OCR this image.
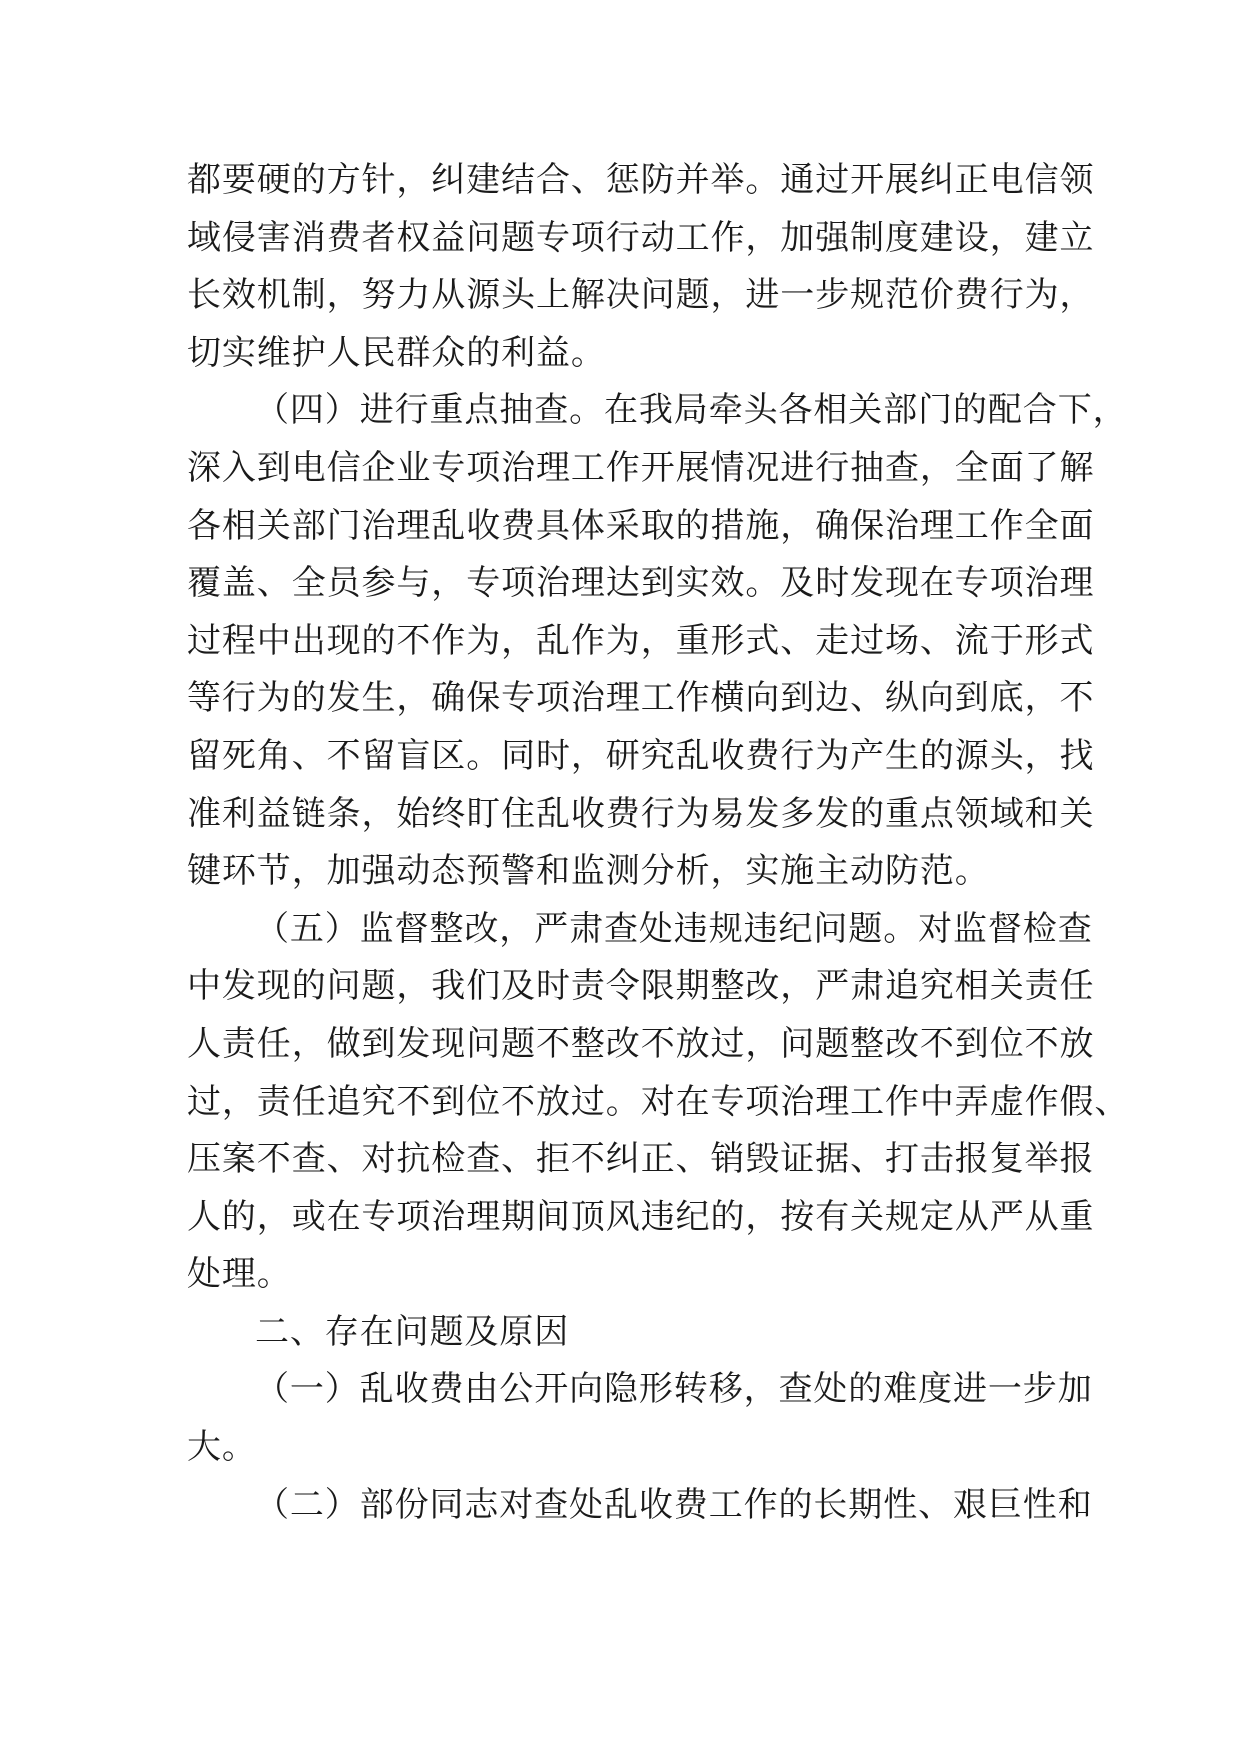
都要硬的方针，纠建结合、惩防并举。通过开展纠正电信领
域侵害消费者权益问题专项行动工作，加强制度建设，建立
长效机制，努力从源头上解决问题，进一步规范价费行为，
切实维护人民群众的利益。
（四）进行重点抽查。在我局牵头各相关部门的配合下，
深入到电信企业专项治理工作开展情况进行抽查，全面了解
各相关部门治理乱收费具体采取的措施，确保治理工作全面
覆盖、全员参与，专项治理达到实效。及时发现在专项治理
过程中出现的不作为，乱作为，重形式、走过场、流于形式
等行为的发生，确保专项治理工作横向到边、纵向到底，不
留死角、不留盲区。同时，研究乱收费行为产生的源头，找
准利益链条，始终盯住乱收费行为易发多发的重点领域和关
键环节，加强动态预警和监测分析，实施主动防范。
（五）监督整改，严肃查处违规违纪问题。对监督检查
中发现的问题，我们及时责令限期整改，严肃追究相关责任
人责任，做到发现问题不整改不放过，问题整改不到位不放
过，责任追究不到位不放过。对在专项治理工作中弄虚作假、
压案不查、对抗检查、拒不纠正、销毁证据、打击报复举报
人的，或在专项治理期间顶风违纪的，按有关规定从严从重
处理。
二、存在问题及原因
（一）乱收费由公开向隐形转移，查处的难度进一步加
大。
（二）部份同志对查处乱收费工作的长期性、艰巨性和
